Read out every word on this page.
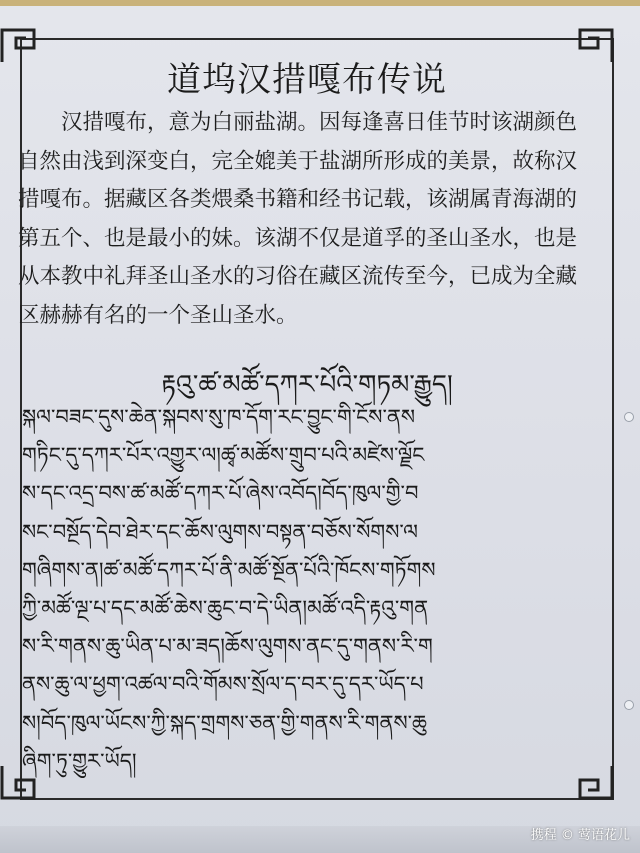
道坞汉措嘎布传说
　　汉措嘎布，意为白丽盐湖。因每逢喜日佳节时该湖颜色
自然由浅到深变白，完全媲美于盐湖所形成的美景，故称汉
措嘎布。据藏区各类煨桑书籍和经书记载，该湖属青海湖的
第五个、也是最小的妹。该湖不仅是道孚的圣山圣水，也是
从本教中礼拜圣山圣水的习俗在藏区流传至今，已成为全藏
区赫赫有名的一个圣山圣水。
རྟའུ་ཚ་མཚོ་དཀར་པོའི་གཏམ་རྒྱུད།
སྐལ་བཟང་དུས་ཆེན་སྐབས་སུ་ཁ་དོག་རང་བྱུང་གི་ངོས་ནས
གཏིང་དུ་དཀར་པོར་འགྱུར་ལ།ཚྭ་མཚོས་གྲུབ་པའི་མཛེས་ལྗོང
ས་དང་འདྲ་བས་ཚ་མཚོ་དཀར་པོ་ཞེས་འབོད།བོད་ཁུལ་གྱི་བ
སང་བསྔོད་དེབ་ཐེར་དང་ཆོས་ལུགས་བསྟན་བཅོས་སོགས་ལ
གཞིགས་ན།ཚ་མཚོ་དཀར་པོ་ནི་མཚོ་སྔོན་པོའི་ཁོངས་གཏོགས
ཀྱི་མཚོ་ལྔ་པ་དང་མཚོ་ཆེས་ཆུང་བ་དེ་ཡིན།མཚོ་འདི་རྟའུ་གན
ས་རི་གནས་ཆུ་ཡིན་པ་མ་ཟད།ཆོས་ལུགས་ནང་དུ་གནས་རི་ག
ནས་ཆུ་ལ་ཕྱག་འཚལ་བའི་གོམས་སྲོལ་ད་བར་དུ་དར་ཡོད་པ
ས།བོད་ཁུལ་ཡོངས་ཀྱི་སྐད་གྲགས་ཅན་གྱི་གནས་རི་གནས་ཆུ
ཞིག་ཏུ་གྱུར་ཡོད།
携程 © 莺语花儿
